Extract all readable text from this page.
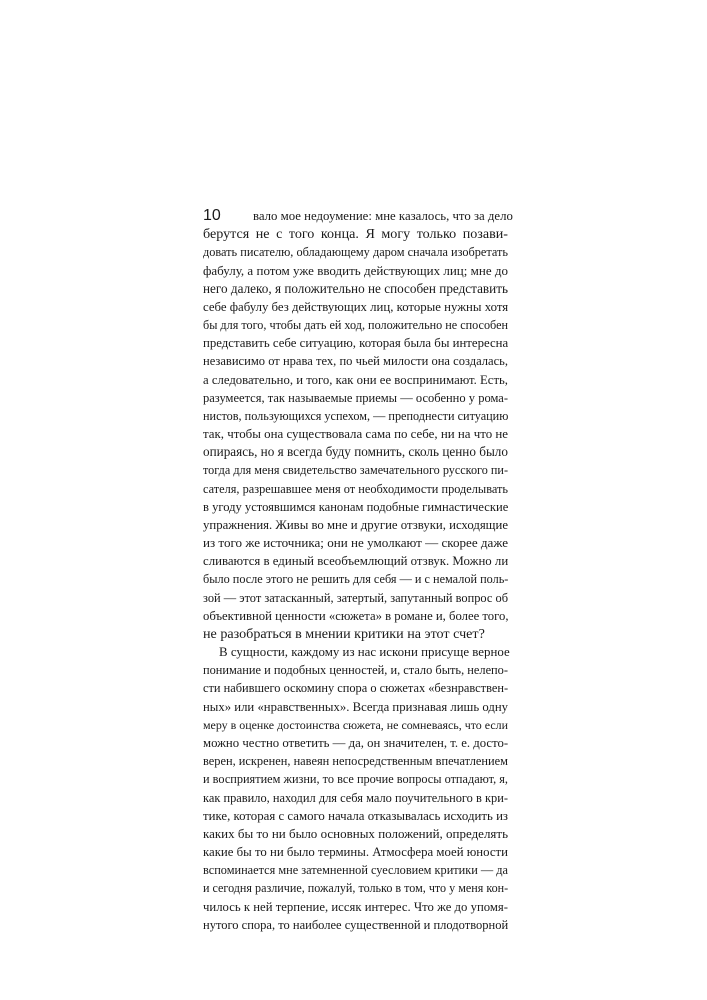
10	вало мое недоумение: мне казалось, что за дело
берутся не с того конца. Я могу только позави-
довать писателю, обладающему даром сначала изобретать
фабулу, а потом уже вводить действующих лиц; мне до
него далеко, я положительно не способен представить
себе фабулу без действующих лиц, которые нужны хотя
бы для того, чтобы дать ей ход, положительно не способен
представить себе ситуацию, которая была бы интересна
независимо от нрава тех, по чьей милости она создалась,
а следовательно, и того, как они ее воспринимают. Есть,
разумеется, так называемые приемы — особенно у рома-
нистов, пользующихся успехом, — преподнести ситуацию
так, чтобы она существовала сама по себе, ни на что не
опираясь, но я всегда буду помнить, сколь ценно было
тогда для меня свидетельство замечательного русского пи-
сателя, разрешавшее меня от необходимости проделывать
в угоду устоявшимся канонам подобные гимнастические
упражнения. Живы во мне и другие отзвуки, исходящие
из того же источника; они не умолкают — скорее даже
сливаются в единый всеобъемлющий отзвук. Можно ли
было после этого не решить для себя — и с немалой поль-
зой — этот затасканный, затертый, запутанный вопрос об
объективной ценности «сюжета» в романе и, более того,
не разобраться в мнении критики на этот счет?
В сущности, каждому из нас искони присуще верное
понимание и подобных ценностей, и, стало быть, нелепо-
сти набившего оскомину спора о сюжетах «безнравствен-
ных» или «нравственных». Всегда признавая лишь одну
меру в оценке достоинства сюжета, не сомневаясь, что если
можно честно ответить — да, он значителен, т. е. досто-
верен, искренен, навеян непосредственным впечатлением
и восприятием жизни, то все прочие вопросы отпадают, я,
как правило, находил для себя мало поучительного в кри-
тике, которая с самого начала отказывалась исходить из
каких бы то ни было основных положений, определять
какие бы то ни было термины. Атмосфера моей юности
вспоминается мне затемненной суесловием критики — да
и сегодня различие, пожалуй, только в том, что у меня кон-
чилось к ней терпение, иссяк интерес. Что же до упомя-
нутого спора, то наиболее существенной и плодотворной
